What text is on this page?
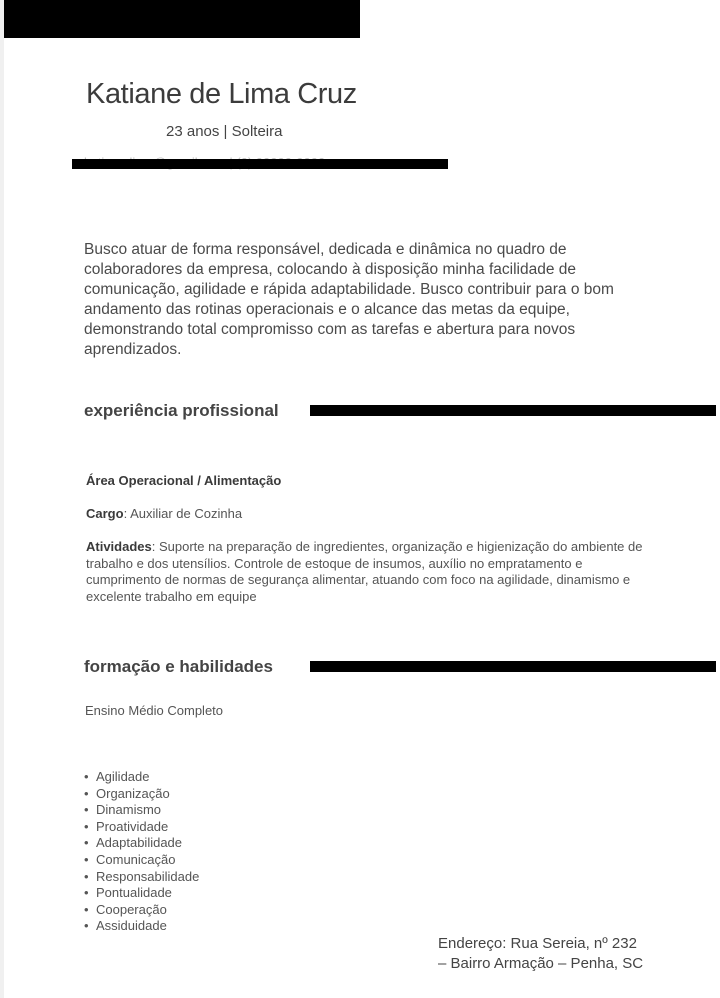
Katiane de Lima Cruz
23 anos | Solteira

Busco atuar de forma responsável, dedicada e dinâmica no quadro de colaboradores da empresa, colocando à disposição minha facilidade de comunicação, agilidade e rápida adaptabilidade. Busco contribuir para o bom andamento das rotinas operacionais e o alcance das metas da equipe, demonstrando total compromisso com as tarefas e abertura para novos aprendizados.

experiência profissional
Área Operacional / Alimentação
Cargo: Auxiliar de Cozinha

Atividades: Suporte na preparação de ingredientes, organização e higienização do ambiente de trabalho e dos utensílios. Controle de estoque de insumos, auxílio no empratamento e cumprimento de normas de segurança alimentar, atuando com foco na agilidade, dinamismo e excelente trabalho em equipe

formação e habilidades
Ensino Médio Completo
• Agilidade
• Organização
• Dinamismo
• Proatividade
• Adaptabilidade
• Comunicação
• Responsabilidade
• Pontualidade
• Cooperação
• Assiduidade
Endereço: Rua Sereia, nº 232
– Bairro Armação – Penha, SC
